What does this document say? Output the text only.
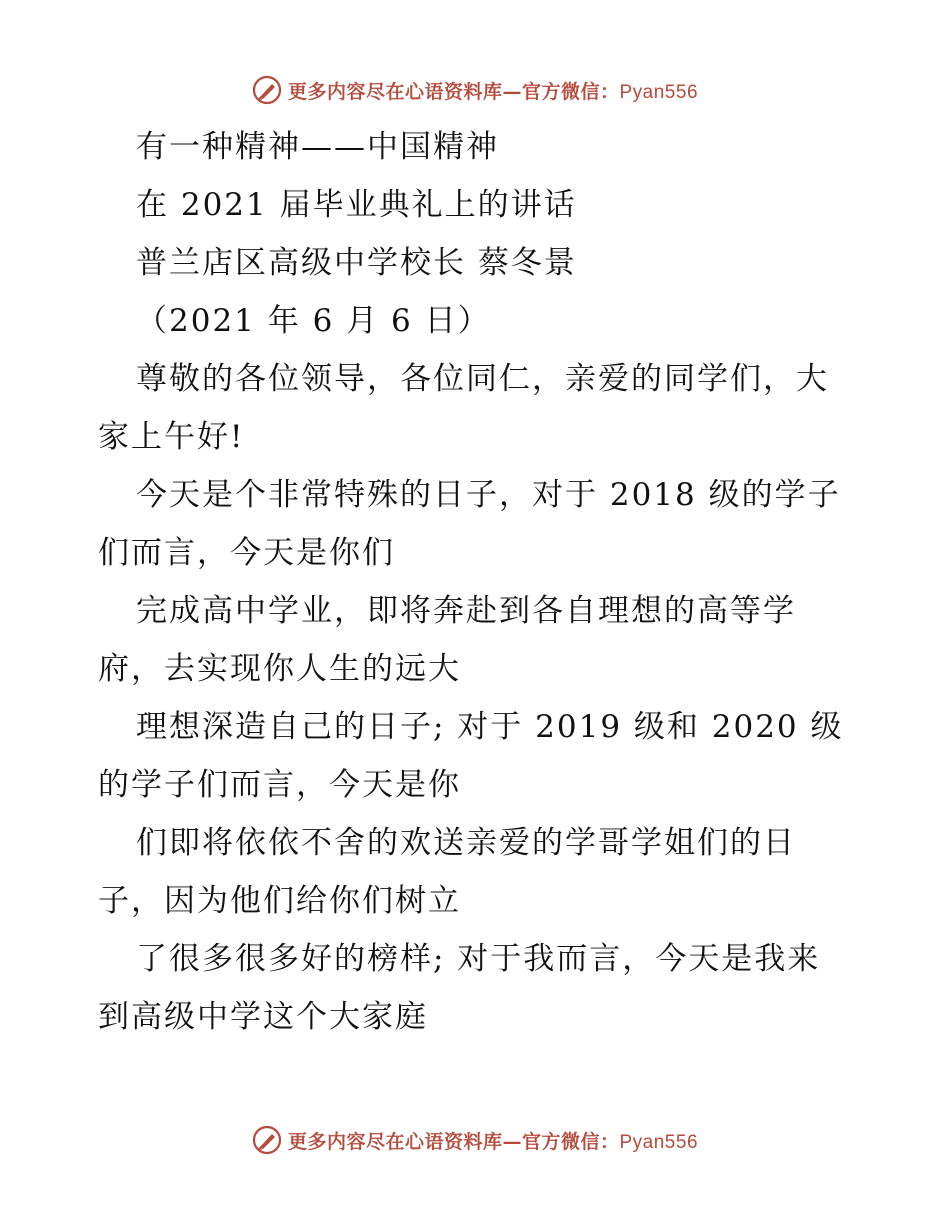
更多内容尽在心语资料库—官方微信：Pyan556
有一种精神——中国精神
在 2021 届毕业典礼上的讲话
普兰店区高级中学校长 蔡冬景
（2021 年 6 月 6 日）
尊敬的各位领导，各位同仁，亲爱的同学们，大
家上午好!
今天是个非常特殊的日子，对于 2018 级的学子
们而言，今天是你们
完成高中学业，即将奔赴到各自理想的高等学
府，去实现你人生的远大
理想深造自己的日子; 对于 2019 级和 2020 级
的学子们而言，今天是你
们即将依依不舍的欢送亲爱的学哥学姐们的日
子，因为他们给你们树立
了很多很多好的榜样; 对于我而言，今天是我来
到高级中学这个大家庭
更多内容尽在心语资料库—官方微信：Pyan556
